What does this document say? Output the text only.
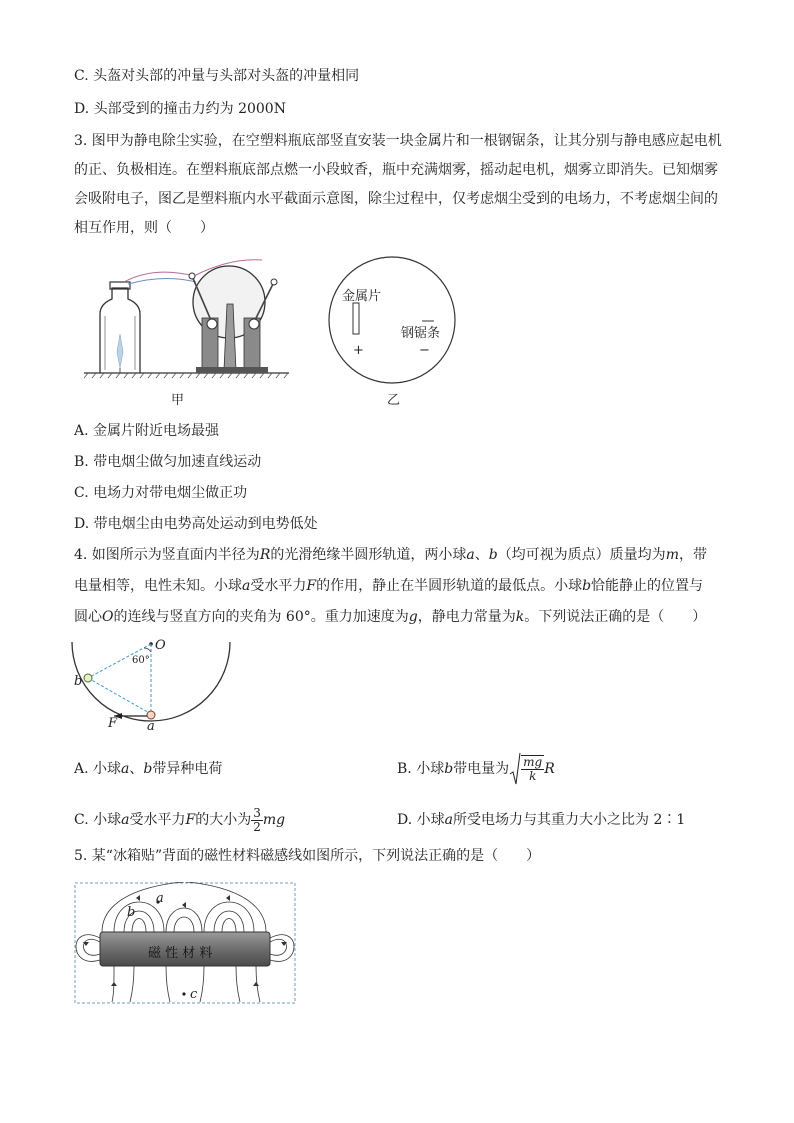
C. 头盔对头部的冲量与头部对头盔的冲量相同
D. 头部受到的撞击力约为 2000N
3. 图甲为静电除尘实验，在空塑料瓶底部竖直安装一块金属片和一根钢锯条，让其分别与静电感应起电机的正、负极相连。在塑料瓶底部点燃一小段蚊香，瓶中充满烟雾，摇动起电机，烟雾立即消失。已知烟雾会吸附电子，图乙是塑料瓶内水平截面示意图，除尘过程中，仅考虑烟尘受到的电场力，不考虑烟尘间的相互作用，则（　　）
甲
金属片
钢锯条
+	−
乙
A. 金属片附近电场最强
B. 带电烟尘做匀加速直线运动
C. 电场力对带电烟尘做正功
D. 带电烟尘由电势高处运动到电势低处
4. 如图所示为竖直面内半径为R的光滑绝缘半圆形轨道，两小球a、b（均可视为质点）质量均为m，带
电量相等，电性未知。小球a受水平力F的作用，静止在半圆形轨道的最低点。小球b恰能静止的位置与
圆心O的连线与竖直方向的夹角为 60°。重力加速度为g，静电力常量为k。下列说法正确的是（　　）
O
60°
b
a
F
A. 小球a、b带异种电荷	B. 小球b带电量为 $\frac{mg}{k}$ R
C. 小球a受水平力F的大小为 $\frac{3}{2}$ mg	D. 小球a所受电场力与其重力大小之比为 2∶1
5. 某“冰箱贴”背面的磁性材料磁感线如图所示，下列说法正确的是（　　）
磁 性 材 料
a
b
c
